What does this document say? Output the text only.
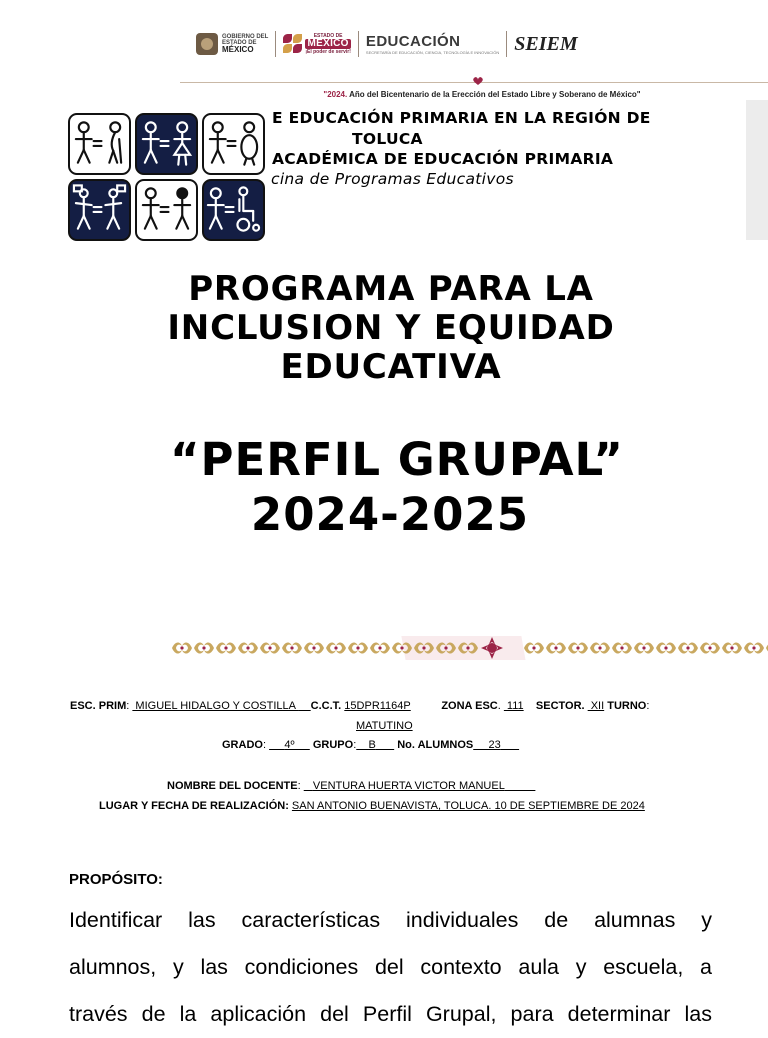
GOBIERNO DEL
ESTADO DE
MÉXICO
ESTADO DE
MÉXICO
¡El poder de servir!
EDUCACIÓN
SECRETARÍA DE EDUCACIÓN, CIENCIA, TECNOLOGÍA E INNOVACIÓN SEIEM
"2024. Año del Bicentenario de la Erección del Estado Libre y Soberano de México"
E EDUCACIÓN PRIMARIA EN LA REGIÓN DE
TOLUCA
ACADÉMICA DE EDUCACIÓN PRIMARIA
cina de Programas Educativos
PROGRAMA PARA LA
INCLUSION Y EQUIDAD
EDUCATIVA
“PERFIL GRUPAL”
2024-2025
ESC. PRIM:  MIGUEL HIDALGO Y COSTILLA     C.C.T. 15DPR1164P	ZONA ESC.  111 SECTOR.  XII TURNO:
MATUTINO
GRADO:      4º GRUPO: B No. ALUMNOS 23
NOMBRE DEL DOCENTE:    VENTURA HUERTA VICTOR MANUEL
LUGAR Y FECHA DE REALIZACIÓN: SAN ANTONIO BUENAVISTA, TOLUCA. 10 DE SEPTIEMBRE DE 2024
PROPÓSITO:
Identificar las características individuales de alumnas y
alumnos, y las condiciones del contexto aula y escuela, a
través de la aplicación del Perfil Grupal, para determinar las
